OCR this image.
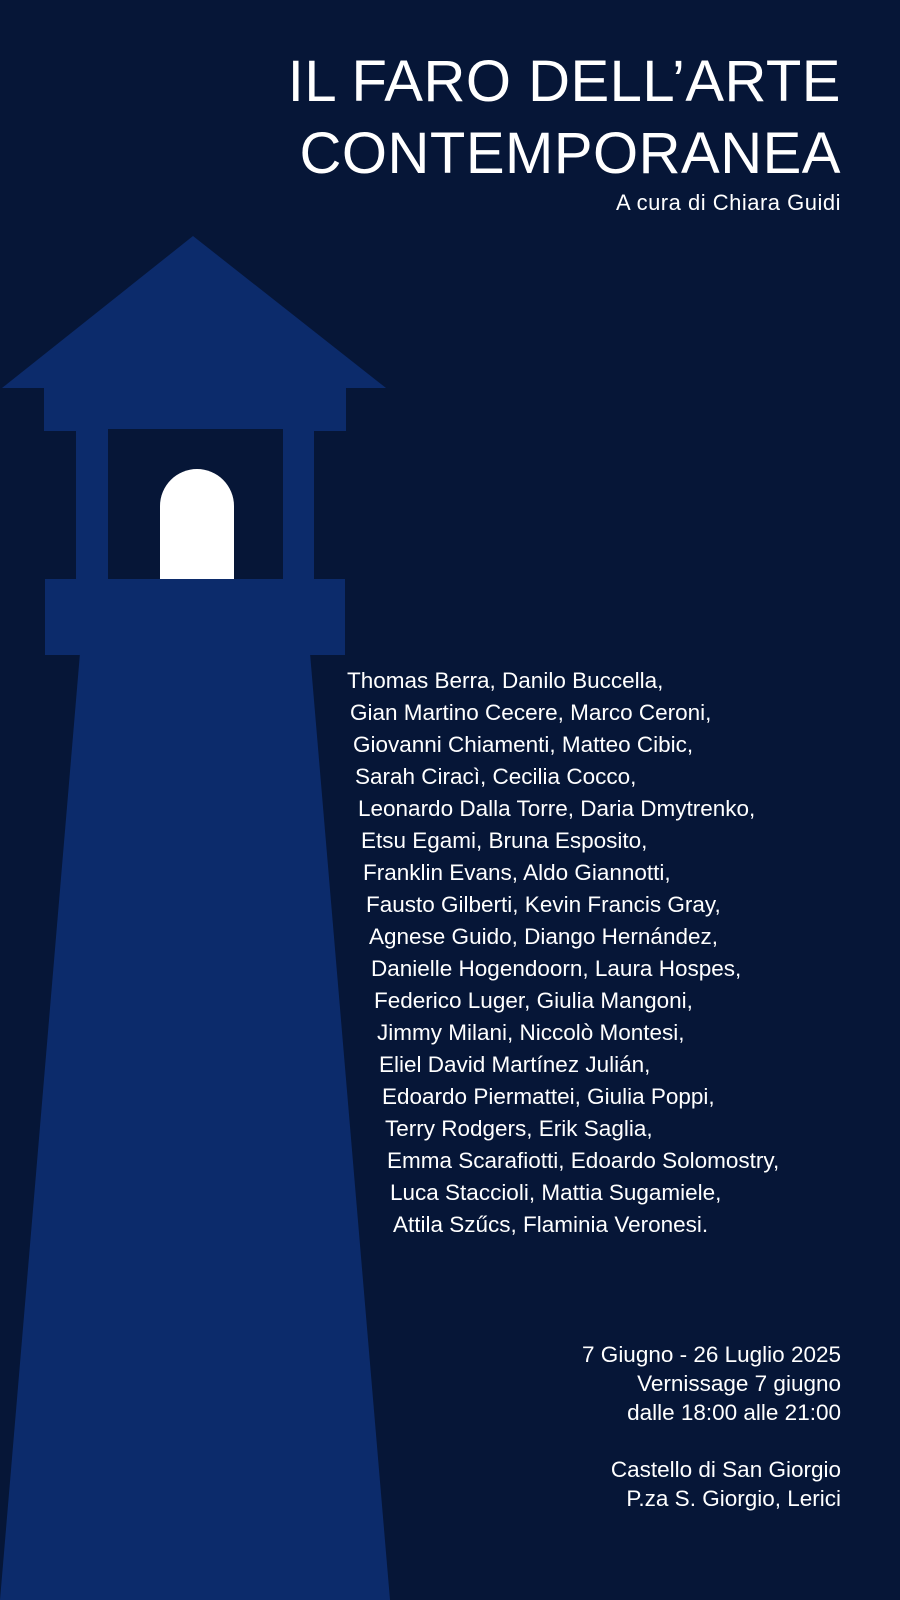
IL FARO DELL’ARTE
CONTEMPORANEA
A cura di Chiara Guidi
Thomas Berra, Danilo Buccella,
Gian Martino Cecere, Marco Ceroni,
Giovanni Chiamenti, Matteo Cibic,
Sarah Ciracì, Cecilia Cocco,
Leonardo Dalla Torre, Daria Dmytrenko,
Etsu Egami, Bruna Esposito,
Franklin Evans, Aldo Giannotti,
Fausto Gilberti, Kevin Francis Gray,
Agnese Guido, Diango Hernández,
Danielle Hogendoorn, Laura Hospes,
Federico Luger, Giulia Mangoni,
Jimmy Milani, Niccolò Montesi,
Eliel David Martínez Julián,
Edoardo Piermattei, Giulia Poppi,
Terry Rodgers, Erik Saglia,
Emma Scarafiotti, Edoardo Solomostry,
Luca Staccioli, Mattia Sugamiele,
Attila Szűcs, Flaminia Veronesi.
7 Giugno - 26 Luglio 2025
Vernissage 7 giugno
dalle 18:00 alle 21:00
Castello di San Giorgio
P.za S. Giorgio, Lerici
